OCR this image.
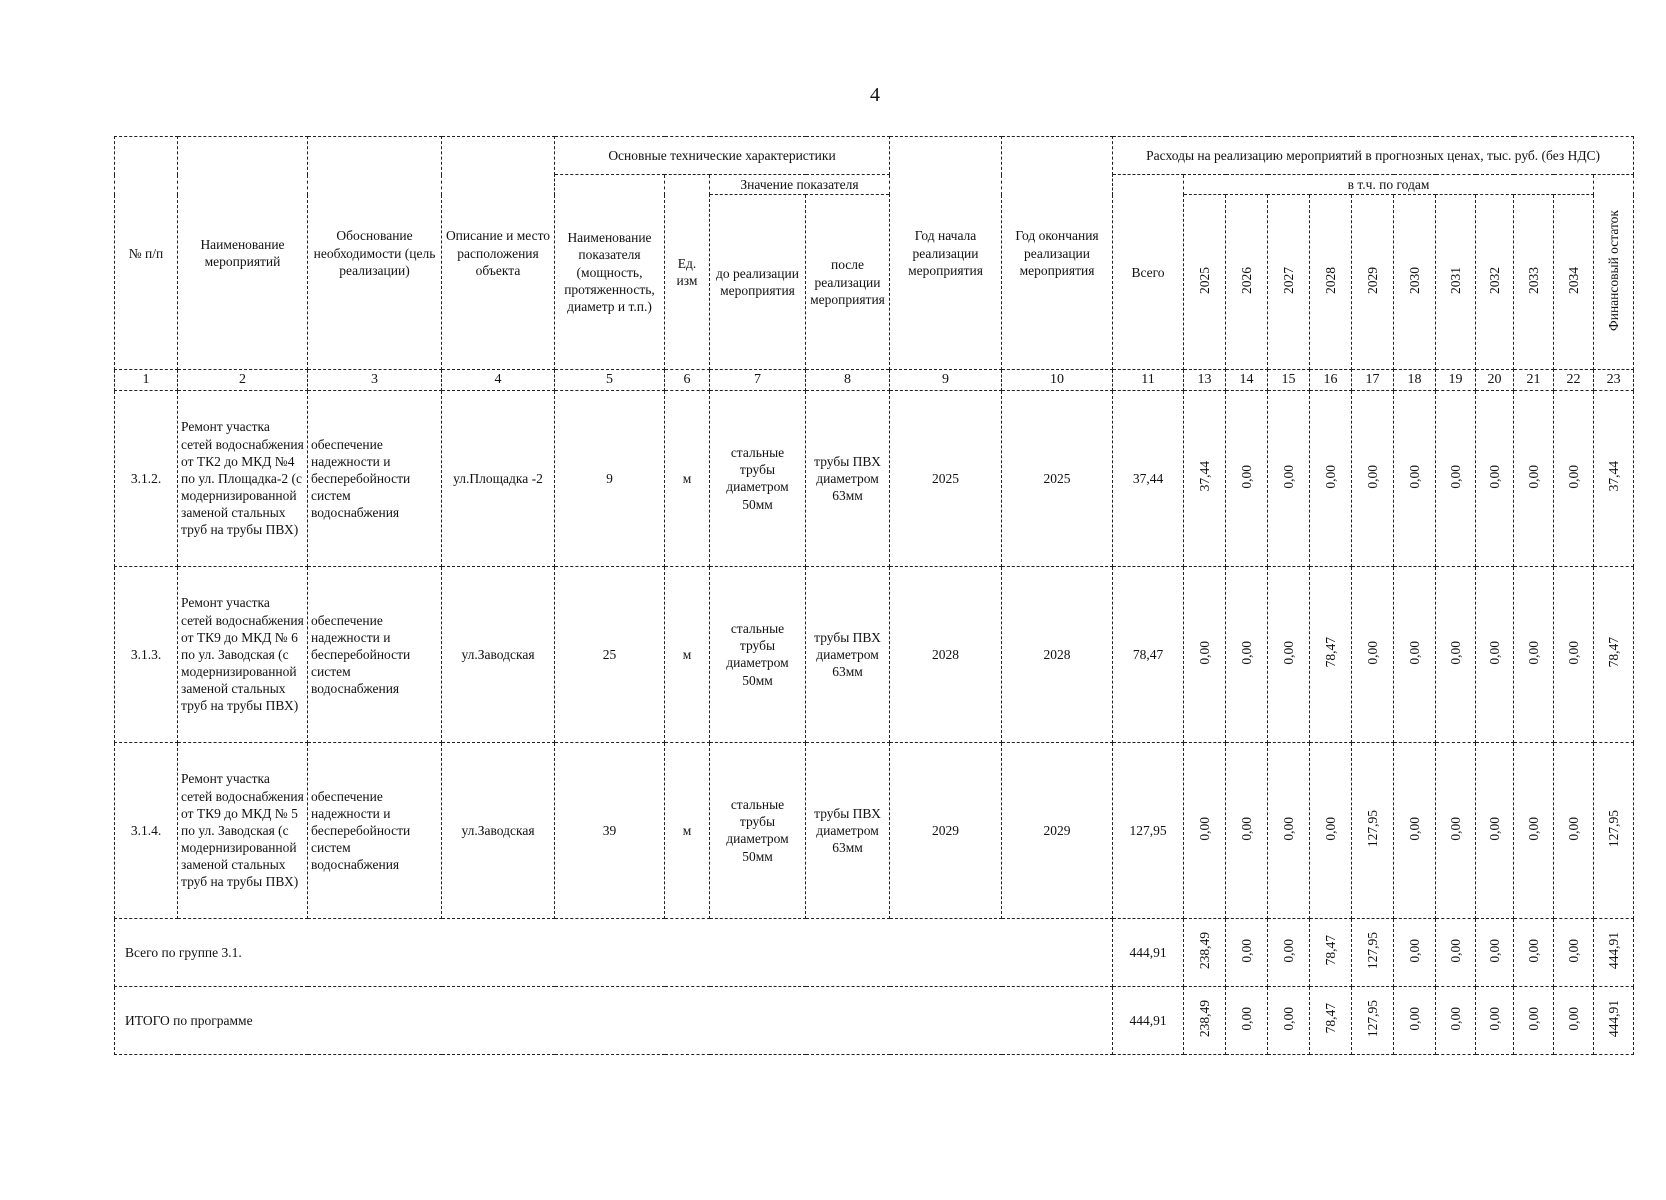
4
№ п/п	Наименование мероприятий	Обоснование необходимости (цель реализации)	Описание и место расположения объекта	Основные технические характеристики				Год начала реализации мероприятия	Год окончания реализации мероприятия	Расходы на реализацию мероприятий в прогнозных ценах, тыс. руб. (без НДС)											
				Наименование показателя (мощность, протяженность, диаметр и т.п.)	Ед. изм	Значение показателя				Всего	в т.ч. по годам										Финансовый остаток
						до реализации мероприятия	после реализации мероприятия				2025	2026	2027	2028	2029	2030	2031	2032	2033	2034	

1	2	3	4	5	6	7	8	9	10	11	13	14	15	16	17	18	19	20	21	22	23
3.1.2.	Ремонт участка сетей водоснабжения от ТК2 до МКД №4 по ул. Площадка-2 (с модернизированной заменой стальных труб на трубы ПВХ)	обеспечение надежности и бесперебойности систем водоснабжения	ул.Площадка -2	9	м	стальные трубы диаметром 50мм	трубы ПВХ диаметром 63мм	2025	2025	37,44	37,44	0,00	0,00	0,00	0,00	0,00	0,00	0,00	0,00	0,00	37,44
3.1.3.	Ремонт участка сетей водоснабжения от ТК9 до МКД № 6 по ул. Заводская (с модернизированной заменой стальных труб на трубы ПВХ)	обеспечение надежности и бесперебойности систем водоснабжения	ул.Заводская	25	м	стальные трубы диаметром 50мм	трубы ПВХ диаметром 63мм	2028	2028	78,47	0,00	0,00	0,00	78,47	0,00	0,00	0,00	0,00	0,00	0,00	78,47
3.1.4.	Ремонт участка сетей водоснабжения от ТК9 до МКД № 5 по ул. Заводская (с модернизированной заменой стальных труб на трубы ПВХ)	обеспечение надежности и бесперебойности систем водоснабжения	ул.Заводская	39	м	стальные трубы диаметром 50мм	трубы ПВХ диаметром 63мм	2029	2029	127,95	0,00	0,00	0,00	0,00	127,95	0,00	0,00	0,00	0,00	0,00	127,95
Всего по группе 3.1.										444,91	238,49	0,00	0,00	78,47	127,95	0,00	0,00	0,00	0,00	0,00	444,91
ИТОГО по программе										444,91	238,49	0,00	0,00	78,47	127,95	0,00	0,00	0,00	0,00	0,00	444,91
